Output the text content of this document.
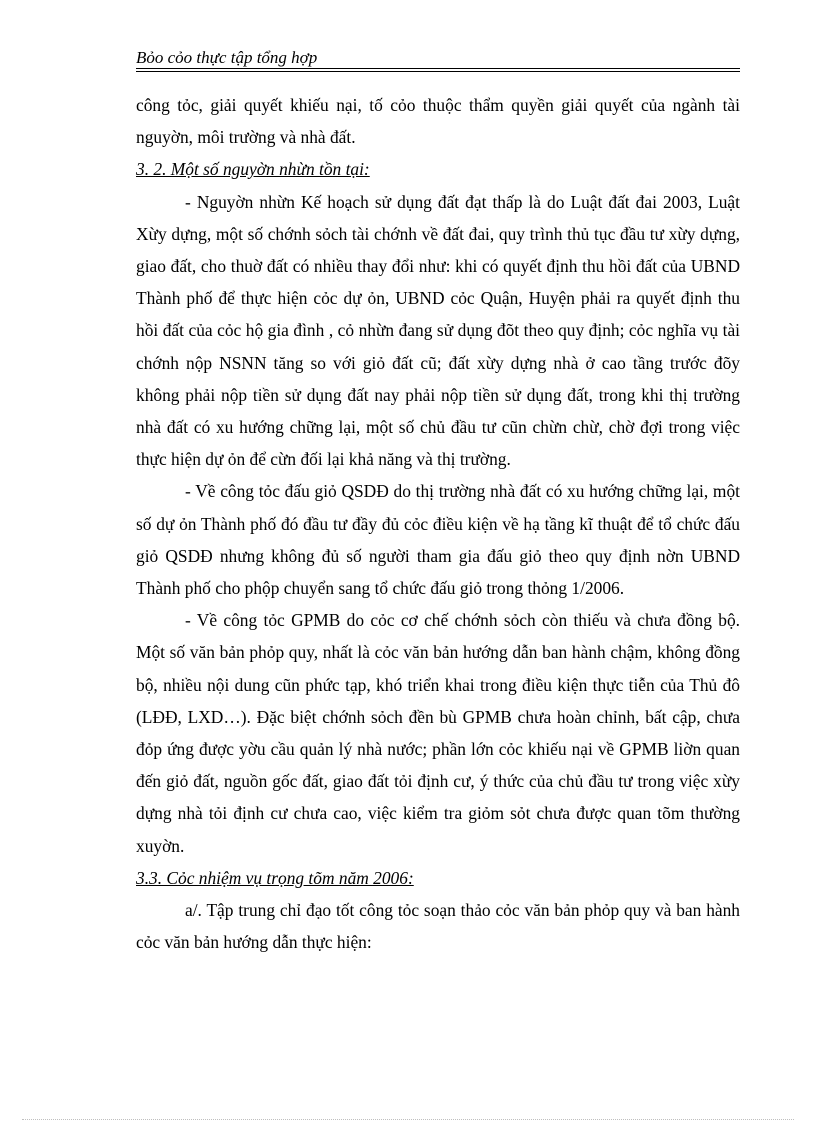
Bỏo cỏo thực tập tổng hợp

công tỏc, giải quyết khiếu nại, tố cỏo thuộc thẩm quyền giải quyết của ngành tài nguyờn, môi trường và nhà đất.

3. 2. Một số nguyờn nhừn tồn tại:

- Nguyờn nhừn Kế hoạch sử dụng đất đạt thấp là do Luật đất đai 2003, Luật Xừy dựng, một số chớnh sỏch tài chớnh về đất đai, quy trình thủ tục đầu tư xừy dựng, giao đất, cho thuờ đất có nhiều thay đổi như: khi có quyết định thu hồi đất của UBND Thành phố để thực hiện cỏc dự ỏn, UBND cỏc Quận, Huyện phải ra quyết định thu hồi đất của cỏc hộ gia đình , cỏ nhừn đang sử dụng đõt theo quy định; cỏc nghĩa vụ tài chớnh nộp NSNN tăng so với giỏ đất cũ; đất xừy dựng nhà ở cao tầng trước đõy không phải nộp tiền sử dụng đất nay phải nộp tiền sử dụng đất, trong khi thị trường nhà đất có xu hướng chững lại, một số chủ đầu tư cũn chừn chừ, chờ đợi trong việc thực hiện dự ỏn để cừn đối lại khả năng và thị trường.

- Về công tỏc đấu giỏ QSDĐ do thị trường nhà đất có xu hướng chững lại, một số dự ỏn Thành phố đó đầu tư đầy đủ cỏc điều kiện về hạ tầng kĩ thuật để tổ chức đấu giỏ QSDĐ nhưng không đủ số người tham gia đấu giỏ theo quy định nờn UBND Thành phố cho phộp chuyển sang tổ chức đấu giỏ trong thỏng 1/2006.

- Về công tỏc GPMB do cỏc cơ chế chớnh sỏch còn thiếu và chưa đồng bộ. Một số văn bản phỏp quy, nhất là cỏc văn bản hướng dẫn ban hành chậm, không đồng bộ, nhiều nội dung cũn phức tạp, khó triển khai trong điều kiện thực tiễn của Thủ đô (LĐĐ, LXD…). Đặc biệt chớnh sỏch đền bù GPMB chưa hoàn chỉnh, bất cập, chưa đỏp ứng được yờu cầu quản lý nhà nước; phần lớn cỏc khiếu nại về GPMB liờn quan đến giỏ đất, nguồn gốc đất, giao đất tỏi định cư, ý thức của chủ đầu tư trong việc xừy dựng nhà tỏi định cư chưa cao, việc kiểm tra giỏm sỏt chưa được quan tõm thường xuyờn.

3.3. Cỏc nhiệm vụ trọng tõm năm 2006:

a/. Tập trung chỉ đạo tốt công tỏc soạn thảo cỏc văn bản phỏp quy và ban hành cỏc văn bản hướng dẫn thực hiện:
